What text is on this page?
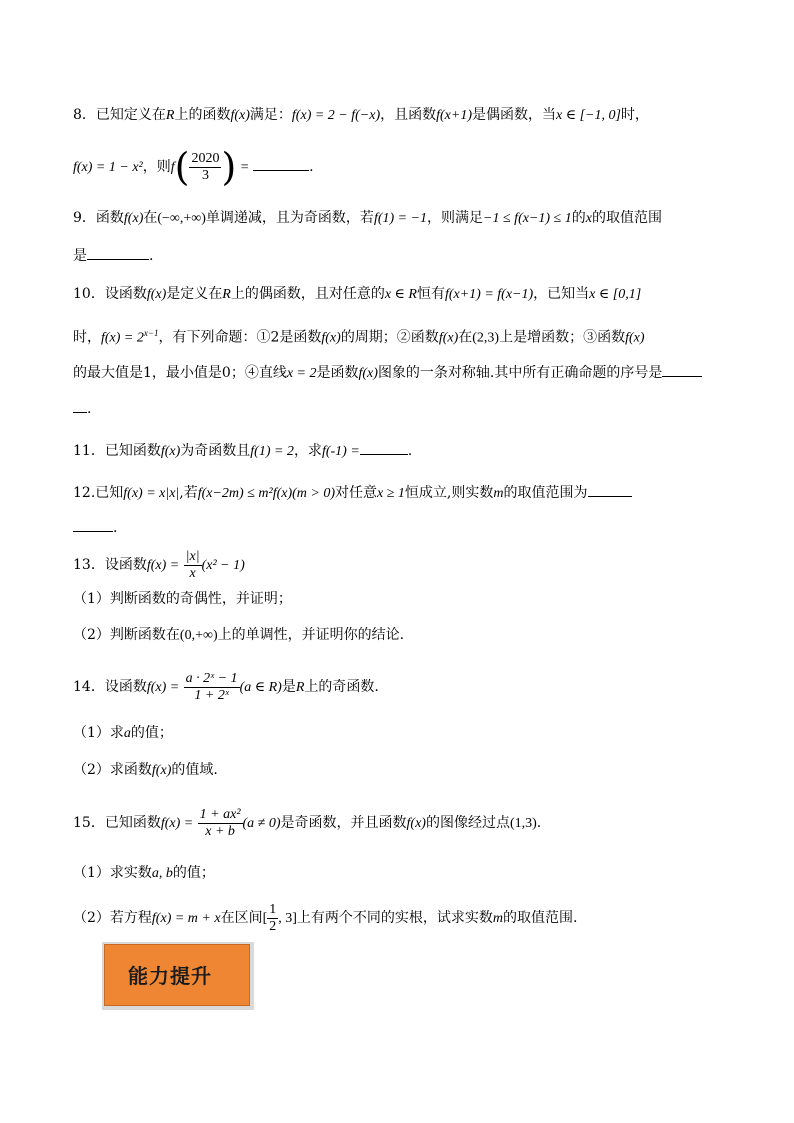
8．已知定义在R上的函数f(x)满足：f(x) = 2 − f(−x)，且函数f(x+1)是偶函数，当x ∈ [−1, 0]时，
f(x) = 1 − x²，则$f( \frac{2020}{3}$ ) =	.
9．函数f(x)在(−∞,+∞)单调递减，且为奇函数，若f(1) = −1，则满足−1 ≤ f(x−1) ≤ 1的x的取值范围
是	.
10．设函数f(x)是定义在R上的偶函数，且对任意的x ∈ R恒有f(x+1) = f(x−1)，已知当x ∈ [0,1]
时，$f(x) = 2^{x-1}$，有下列命题：①2是函数f(x)的周期；②函数f(x)在(2,3)上是增函数；③函数f(x)
的最大值是1，最小值是0；④直线x = 2是函数f(x)图象的一条对称轴.其中所有正确命题的序号是
.
11．已知函数f(x)为奇函数且f(1) = 2，求f(-1) =	.
12.已知f(x) = x|x|,若f(x−2m) ≤ m²f(x)(m > 0)对任意x ≥ 1恒成立,则实数m的取值范围为
.
13．设函数$f(x) = \frac{|x|}{x} (x^2 - 1)$
（1）判断函数的奇偶性，并证明；
（2）判断函数在(0,+∞)上的单调性，并证明你的结论.
14．设函数$f(x) = \frac{\text{a · 2ˣ − 1}}{\text{1 + 2ˣ}} (a$ ∈ R)是R上的奇函数.
（1）求a的值；
（2）求函数f(x)的值域.
15．已知函数$f(x) = \frac{\text{1 + ax²}}{x + b} (a \ne 0)$是奇函数，并且函数f(x)的图像经过点(1,3).
（1）求实数a, b的值；
（2）若方程f(x) = m + x在区间[ $\frac{1}{2}$ , 3]上有两个不同的实根，试求实数m的取值范围.
能力提升
